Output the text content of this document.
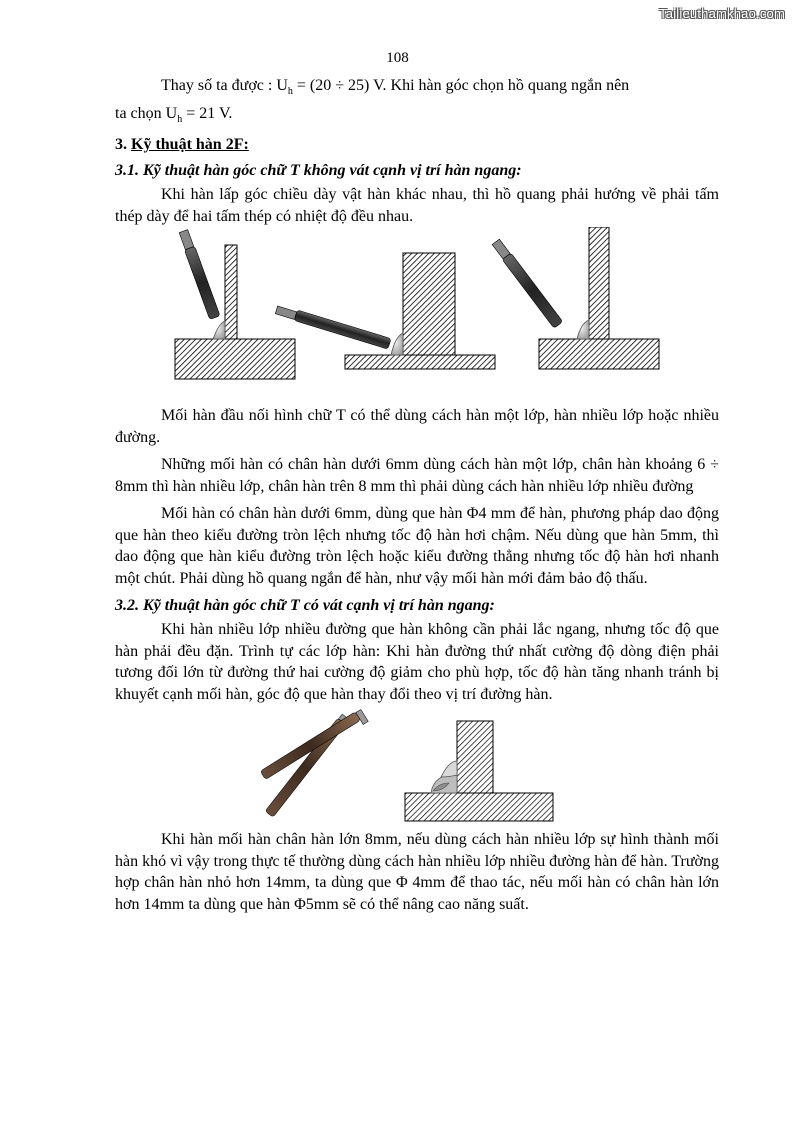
Tailieuthamkhao.com
108

Thay số ta được : $U_h = (20 \div 25)$ V. Khi hàn góc chọn hồ quang ngắn nên

ta chọn $U_h = 21$ V.

3. Kỹ thuật hàn 2F:
3.1. Kỹ thuật hàn góc chữ T không vát cạnh vị trí hàn ngang:

Khi hàn lấp góc chiều dày vật hàn khác nhau, thì hồ quang phải hướng về phải tấm thép dày để hai tấm thép có nhiệt độ đều nhau.

Mối hàn đầu nối hình chữ T có thể dùng cách hàn một lớp, hàn nhiều lớp hoặc nhiều đường.

Những mối hàn có chân hàn dưới 6mm dùng cách hàn một lớp, chân hàn khoảng 6 ÷ 8mm thì hàn nhiều lớp, chân hàn trên 8 mm thì phải dùng cách hàn nhiều lớp nhiều đường

Mối hàn có chân hàn dưới 6mm, dùng que hàn Φ4 mm để hàn, phương pháp dao động que hàn theo kiểu đường tròn lệch nhưng tốc độ hàn hơi chậm. Nếu dùng que hàn 5mm, thì dao động que hàn kiểu đường tròn lệch hoặc kiểu đường thẳng nhưng tốc độ hàn hơi nhanh một chút. Phải dùng hồ quang ngắn để hàn, như vậy mối hàn mới đảm bảo độ thấu.

3.2. Kỹ thuật hàn góc chữ T có vát cạnh vị trí hàn ngang:

Khi hàn nhiều lớp nhiều đường que hàn không cần phải lắc ngang, nhưng tốc độ que hàn phải đều đặn. Trình tự các lớp hàn: Khi hàn đường thứ nhất cường độ dòng điện phải tương đối lớn từ đường thứ hai cường độ giảm cho phù hợp, tốc độ hàn tăng nhanh tránh bị khuyết cạnh mối hàn, góc độ que hàn thay đổi theo vị trí đường hàn.

Khi hàn mối hàn chân hàn lớn 8mm, nếu dùng cách hàn nhiều lớp sự hình thành mối hàn khó vì vậy trong thực tế thường dùng cách hàn nhiều lớp nhiều đường hàn để hàn. Trường hợp chân hàn nhỏ hơn 14mm, ta dùng que Φ 4mm để thao tác, nếu mối hàn có chân hàn lớn hơn 14mm ta dùng que hàn Φ5mm sẽ có thể nâng cao năng suất.
